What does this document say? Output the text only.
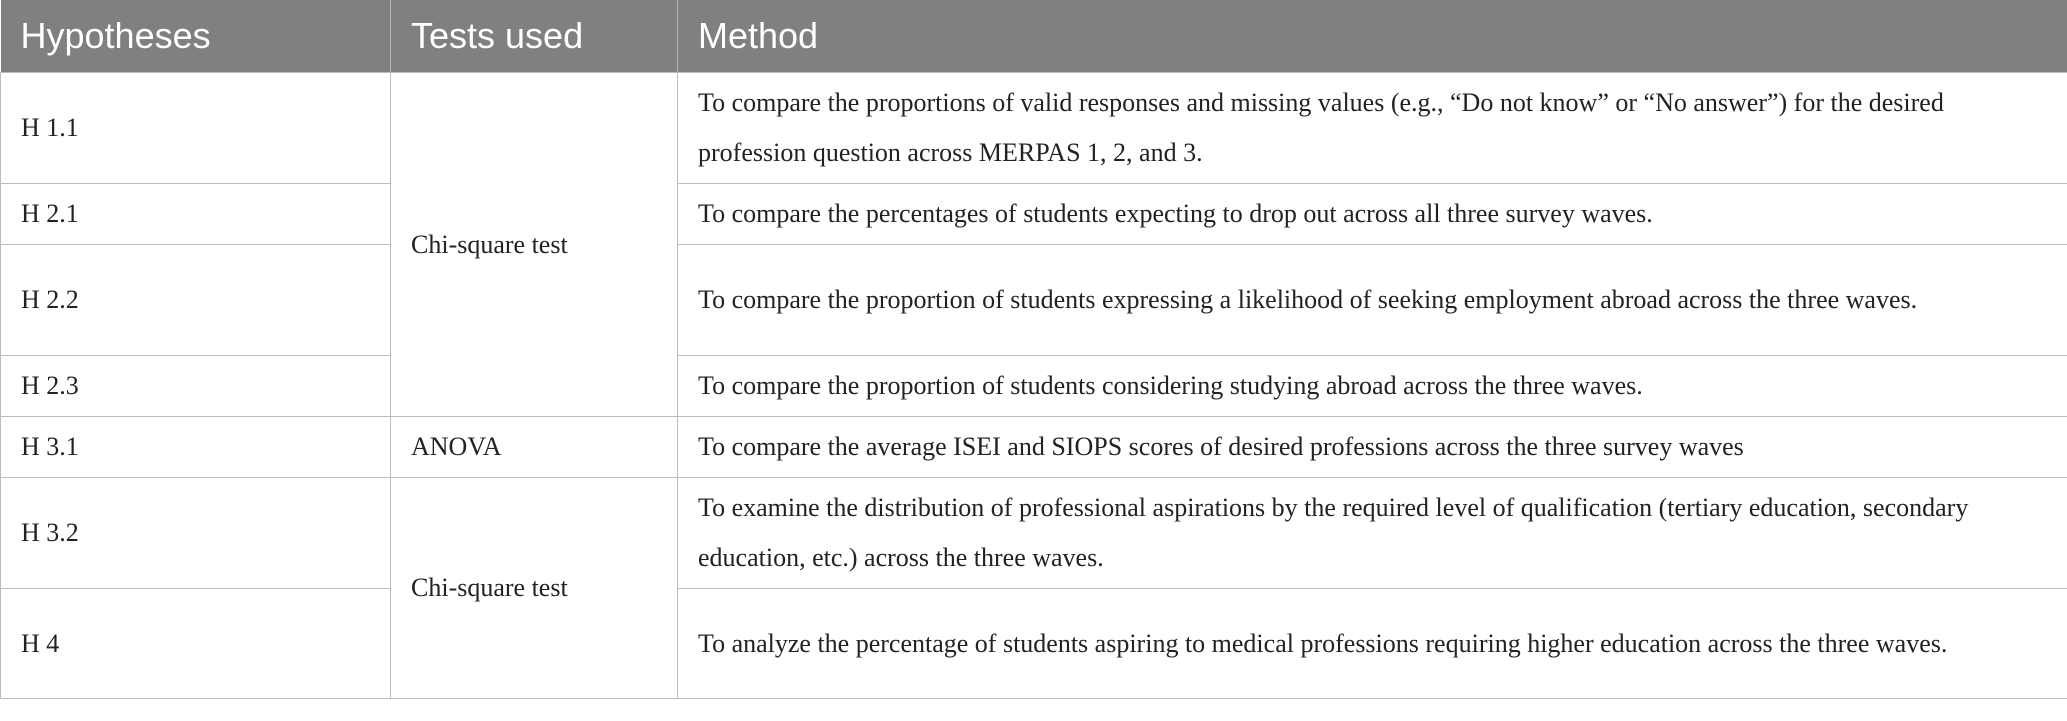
Hypotheses	Tests used	Method
H 1.1	Chi-square test	To compare the proportions of valid responses and missing values (e.g., “Do not know” or “No answer”) for the desired profession question across MERPAS 1, 2, and 3.
H 2.1		To compare the percentages of students expecting to drop out across all three survey waves.
H 2.2		To compare the proportion of students expressing a likelihood of seeking employment abroad across the three waves.
H 2.3		To compare the proportion of students considering studying abroad across the three waves.
H 3.1	ANOVA	To compare the average ISEI and SIOPS scores of desired professions across the three survey waves
H 3.2	Chi-square test	To examine the distribution of professional aspirations by the required level of qualification (tertiary education, secondary education, etc.) across the three waves.
H 4		To analyze the percentage of students aspiring to medical professions requiring higher education across the three waves.
